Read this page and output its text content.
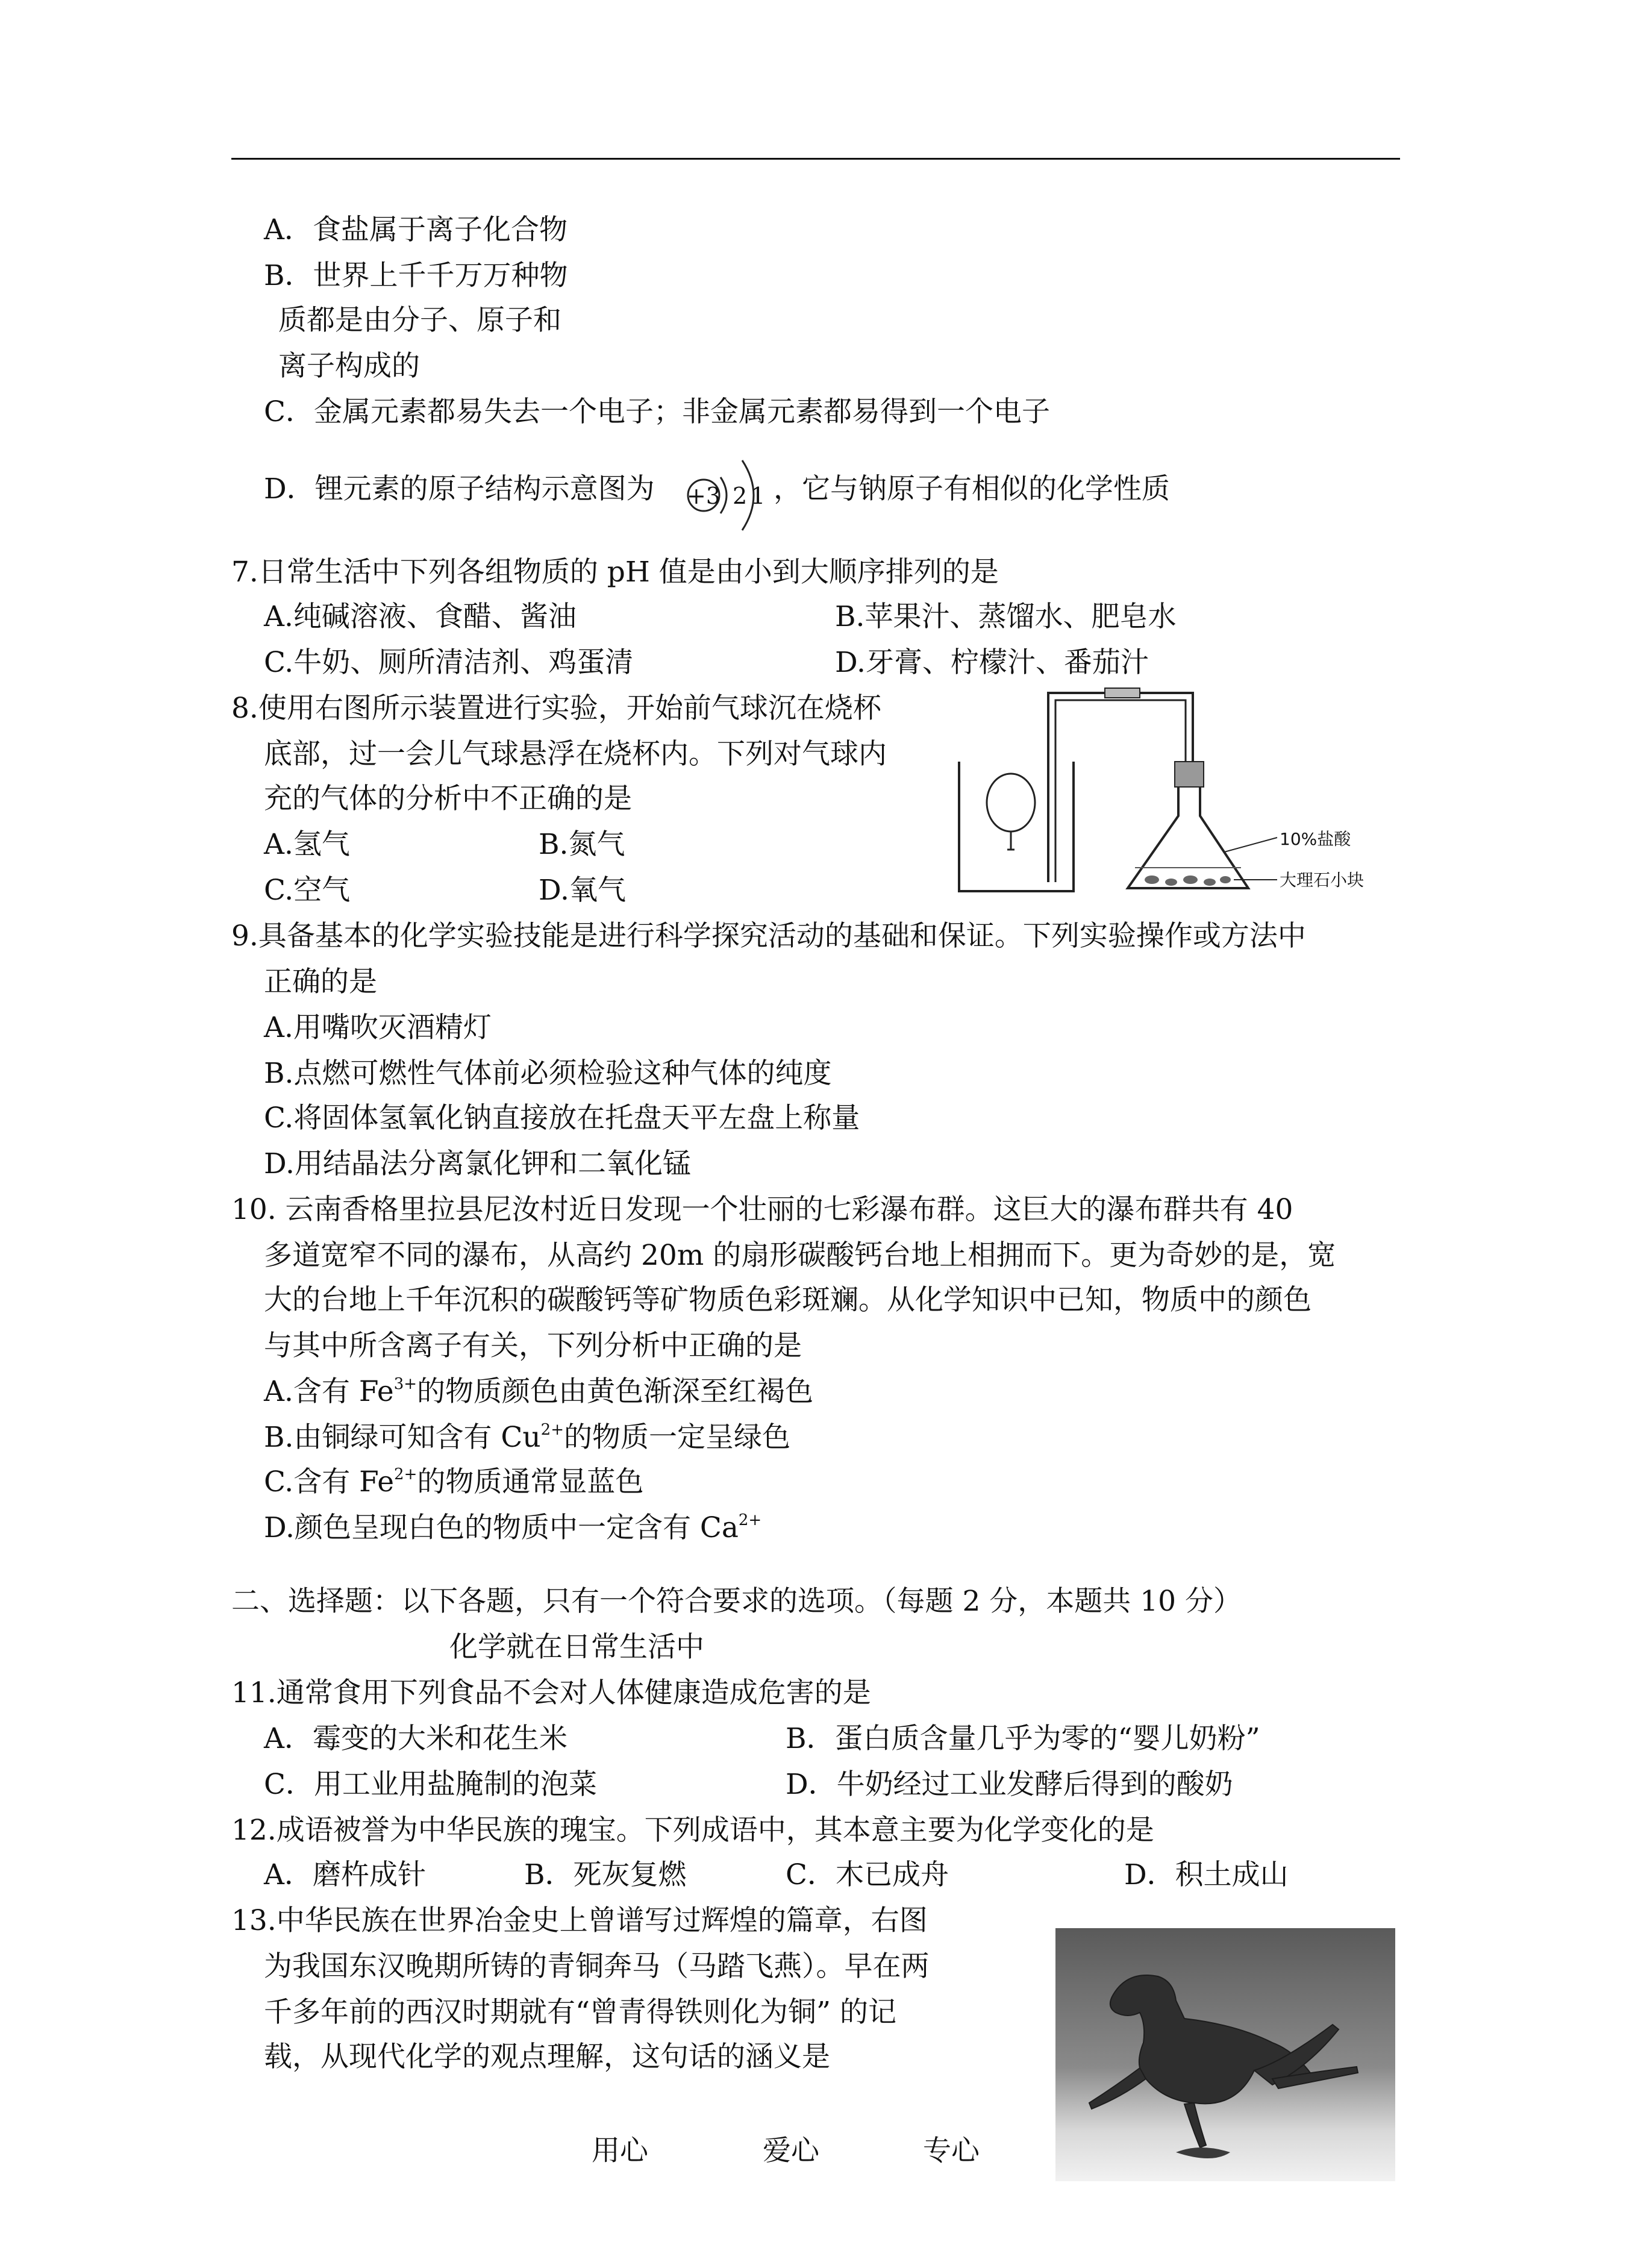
A．食盐属于离子化合物
B．世界上千千万万种物
质都是由分子、原子和
离子构成的
C．金属元素都易失去一个电子；非金属元素都易得到一个电子
D．锂元素的原子结构示意图为 +3 2 1 ，它与钠原子有相似的化学性质
7.日常生活中下列各组物质的 pH 值是由小到大顺序排列的是
A.纯碱溶液、食醋、酱油	B.苹果汁、蒸馏水、肥皂水
C.牛奶、厕所清洁剂、鸡蛋清	D.牙膏、柠檬汁、番茄汁
8.使用右图所示装置进行实验，开始前气球沉在烧杯
底部，过一会儿气球悬浮在烧杯内。下列对气球内
充的气体的分析中不正确的是
A.氢气	B.氮气
C.空气	D.氧气
10%盐酸
大理石小块
9.具备基本的化学实验技能是进行科学探究活动的基础和保证。下列实验操作或方法中
正确的是
A.用嘴吹灭酒精灯
B.点燃可燃性气体前必须检验这种气体的纯度
C.将固体氢氧化钠直接放在托盘天平左盘上称量
D.用结晶法分离氯化钾和二氧化锰
10. 云南香格里拉县尼汝村近日发现一个壮丽的七彩瀑布群。这巨大的瀑布群共有 40
多道宽窄不同的瀑布，从高约 20m 的扇形碳酸钙台地上相拥而下。更为奇妙的是，宽
大的台地上千年沉积的碳酸钙等矿物质色彩斑斓。从化学知识中已知，物质中的颜色
与其中所含离子有关，下列分析中正确的是
A.含有 $Fe^{3+}$的物质颜色由黄色渐深至红褐色
B.由铜绿可知含有 $Cu^{2+}$的物质一定呈绿色
C.含有 $Fe^{2+}$的物质通常显蓝色
D.颜色呈现白色的物质中一定含有 $Ca^{2+}$
二、选择题：以下各题，只有一个符合要求的选项。（每题 2 分，本题共 10 分）
化学就在日常生活中
11.通常食用下列食品不会对人体健康造成危害的是
A．霉变的大米和花生米	B．蛋白质含量几乎为零的“婴儿奶粉”
C．用工业用盐腌制的泡菜	D．牛奶经过工业发酵后得到的酸奶
12.成语被誉为中华民族的瑰宝。下列成语中，其本意主要为化学变化的是
A．磨杵成针	B．死灰复燃	C．木已成舟	D．积土成山
13.中华民族在世界冶金史上曾谱写过辉煌的篇章，右图
为我国东汉晚期所铸的青铜奔马（马踏飞燕）。早在两
千多年前的西汉时期就有“曾青得铁则化为铜” 的记
载，从现代化学的观点理解，这句话的涵义是
用心	爱心	专心
